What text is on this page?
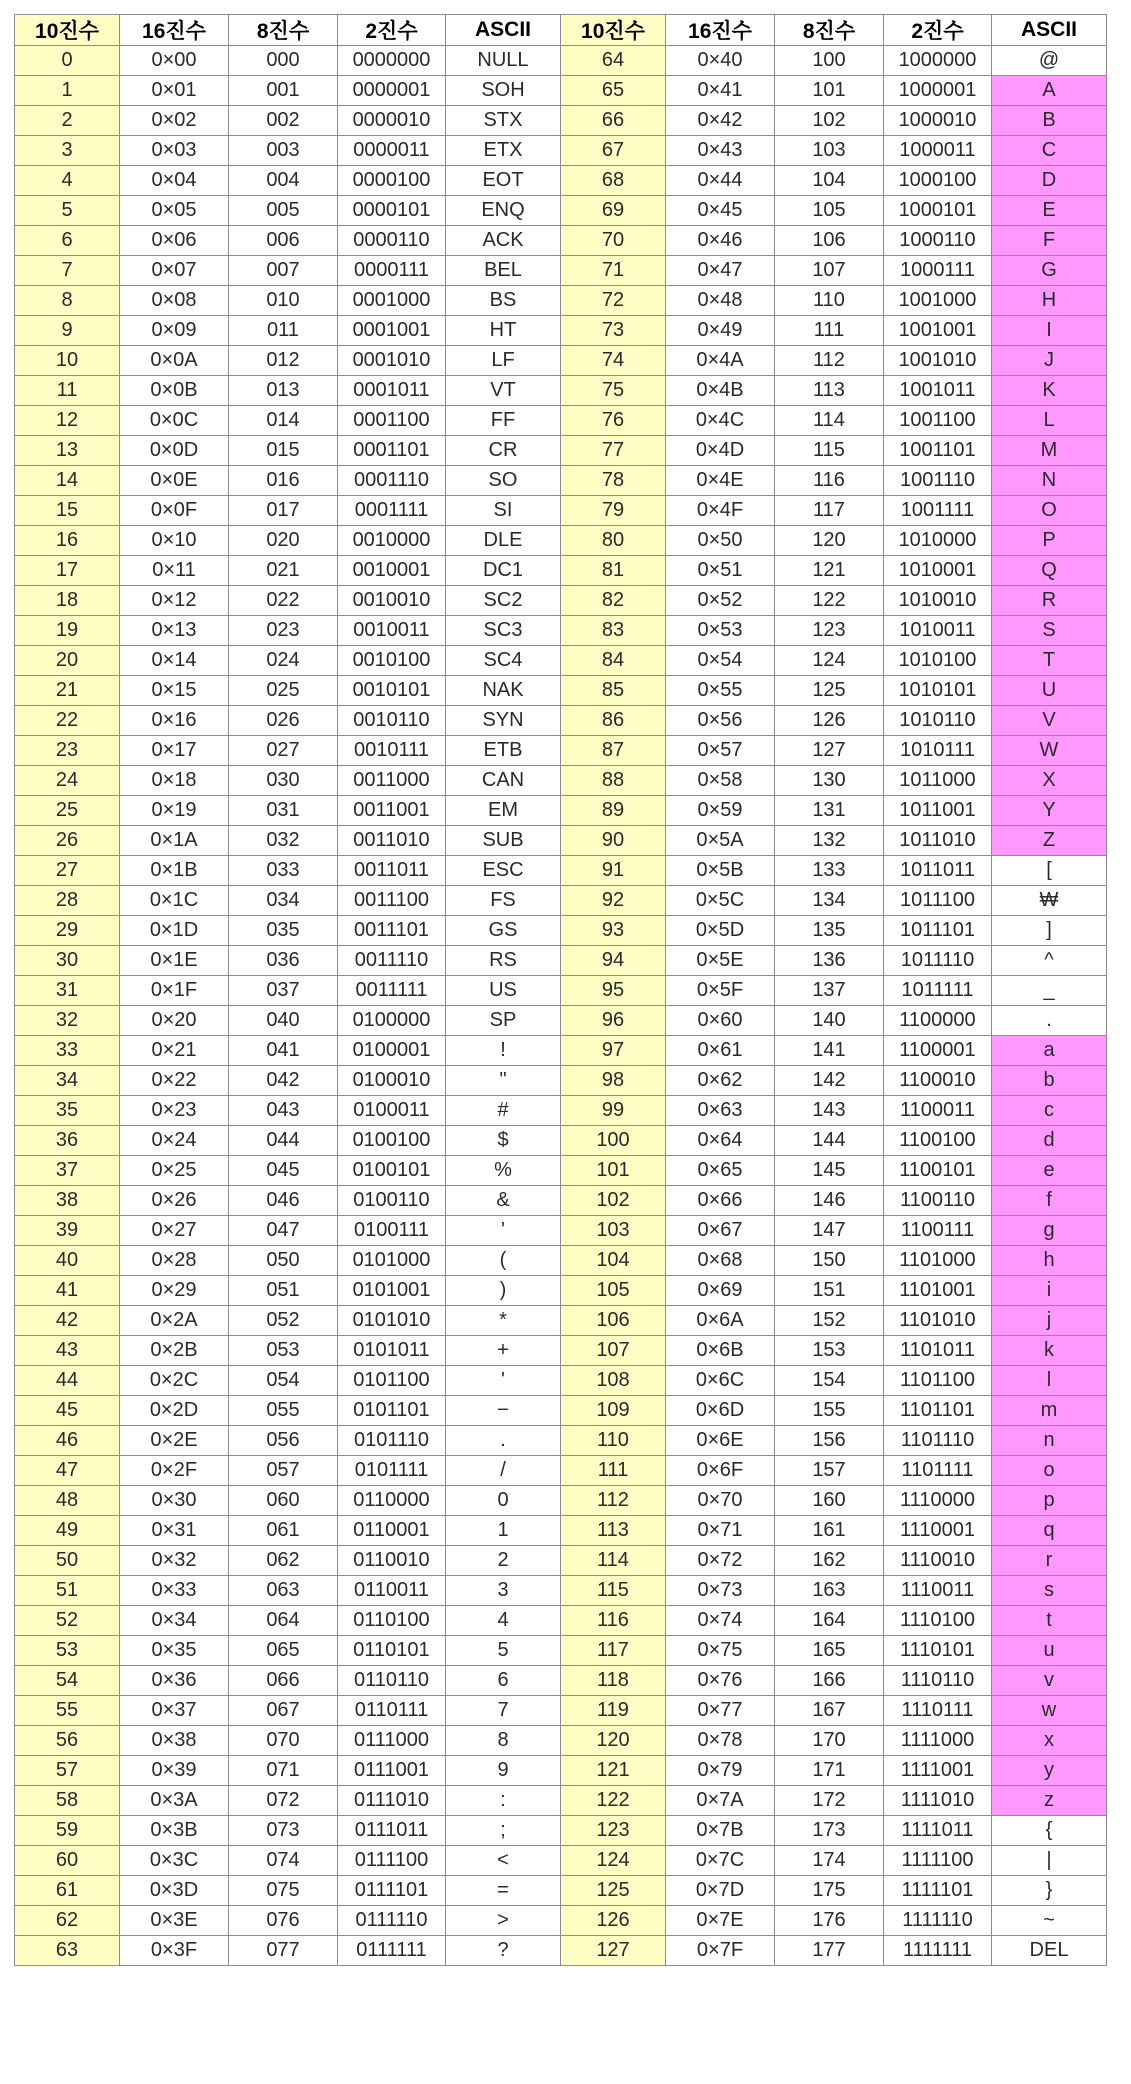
10진수	16진수	8진수	2진수	ASCII	10진수	16진수	8진수	2진수	ASCII
0	0×00	000	0000000	NULL	64	0×40	100	1000000	@
1	0×01	001	0000001	SOH	65	0×41	101	1000001	A
2	0×02	002	0000010	STX	66	0×42	102	1000010	B
3	0×03	003	0000011	ETX	67	0×43	103	1000011	C
4	0×04	004	0000100	EOT	68	0×44	104	1000100	D
5	0×05	005	0000101	ENQ	69	0×45	105	1000101	E
6	0×06	006	0000110	ACK	70	0×46	106	1000110	F
7	0×07	007	0000111	BEL	71	0×47	107	1000111	G
8	0×08	010	0001000	BS	72	0×48	110	1001000	H
9	0×09	011	0001001	HT	73	0×49	111	1001001	I
10	0×0A	012	0001010	LF	74	0×4A	112	1001010	J
11	0×0B	013	0001011	VT	75	0×4B	113	1001011	K
12	0×0C	014	0001100	FF	76	0×4C	114	1001100	L
13	0×0D	015	0001101	CR	77	0×4D	115	1001101	M
14	0×0E	016	0001110	SO	78	0×4E	116	1001110	N
15	0×0F	017	0001111	SI	79	0×4F	117	1001111	O
16	0×10	020	0010000	DLE	80	0×50	120	1010000	P
17	0×11	021	0010001	DC1	81	0×51	121	1010001	Q
18	0×12	022	0010010	SC2	82	0×52	122	1010010	R
19	0×13	023	0010011	SC3	83	0×53	123	1010011	S
20	0×14	024	0010100	SC4	84	0×54	124	1010100	T
21	0×15	025	0010101	NAK	85	0×55	125	1010101	U
22	0×16	026	0010110	SYN	86	0×56	126	1010110	V
23	0×17	027	0010111	ETB	87	0×57	127	1010111	W
24	0×18	030	0011000	CAN	88	0×58	130	1011000	X
25	0×19	031	0011001	EM	89	0×59	131	1011001	Y
26	0×1A	032	0011010	SUB	90	0×5A	132	1011010	Z
27	0×1B	033	0011011	ESC	91	0×5B	133	1011011	[
28	0×1C	034	0011100	FS	92	0×5C	134	1011100	₩
29	0×1D	035	0011101	GS	93	0×5D	135	1011101	]
30	0×1E	036	0011110	RS	94	0×5E	136	1011110	^
31	0×1F	037	0011111	US	95	0×5F	137	1011111	_
32	0×20	040	0100000	SP	96	0×60	140	1100000	.
33	0×21	041	0100001	!	97	0×61	141	1100001	a
34	0×22	042	0100010	"	98	0×62	142	1100010	b
35	0×23	043	0100011	#	99	0×63	143	1100011	c
36	0×24	044	0100100	$	100	0×64	144	1100100	d
37	0×25	045	0100101	%	101	0×65	145	1100101	e
38	0×26	046	0100110	&	102	0×66	146	1100110	f
39	0×27	047	0100111	'	103	0×67	147	1100111	g
40	0×28	050	0101000	(	104	0×68	150	1101000	h
41	0×29	051	0101001	)	105	0×69	151	1101001	i
42	0×2A	052	0101010	*	106	0×6A	152	1101010	j
43	0×2B	053	0101011	+	107	0×6B	153	1101011	k
44	0×2C	054	0101100	'	108	0×6C	154	1101100	l
45	0×2D	055	0101101	−	109	0×6D	155	1101101	m
46	0×2E	056	0101110	.	110	0×6E	156	1101110	n
47	0×2F	057	0101111	/	111	0×6F	157	1101111	o
48	0×30	060	0110000	0	112	0×70	160	1110000	p
49	0×31	061	0110001	1	113	0×71	161	1110001	q
50	0×32	062	0110010	2	114	0×72	162	1110010	r
51	0×33	063	0110011	3	115	0×73	163	1110011	s
52	0×34	064	0110100	4	116	0×74	164	1110100	t
53	0×35	065	0110101	5	117	0×75	165	1110101	u
54	0×36	066	0110110	6	118	0×76	166	1110110	v
55	0×37	067	0110111	7	119	0×77	167	1110111	w
56	0×38	070	0111000	8	120	0×78	170	1111000	x
57	0×39	071	0111001	9	121	0×79	171	1111001	y
58	0×3A	072	0111010	:	122	0×7A	172	1111010	z
59	0×3B	073	0111011	;	123	0×7B	173	1111011	{
60	0×3C	074	0111100	<	124	0×7C	174	1111100	|
61	0×3D	075	0111101	=	125	0×7D	175	1111101	}
62	0×3E	076	0111110	>	126	0×7E	176	1111110	~
63	0×3F	077	0111111	?	127	0×7F	177	1111111	DEL
